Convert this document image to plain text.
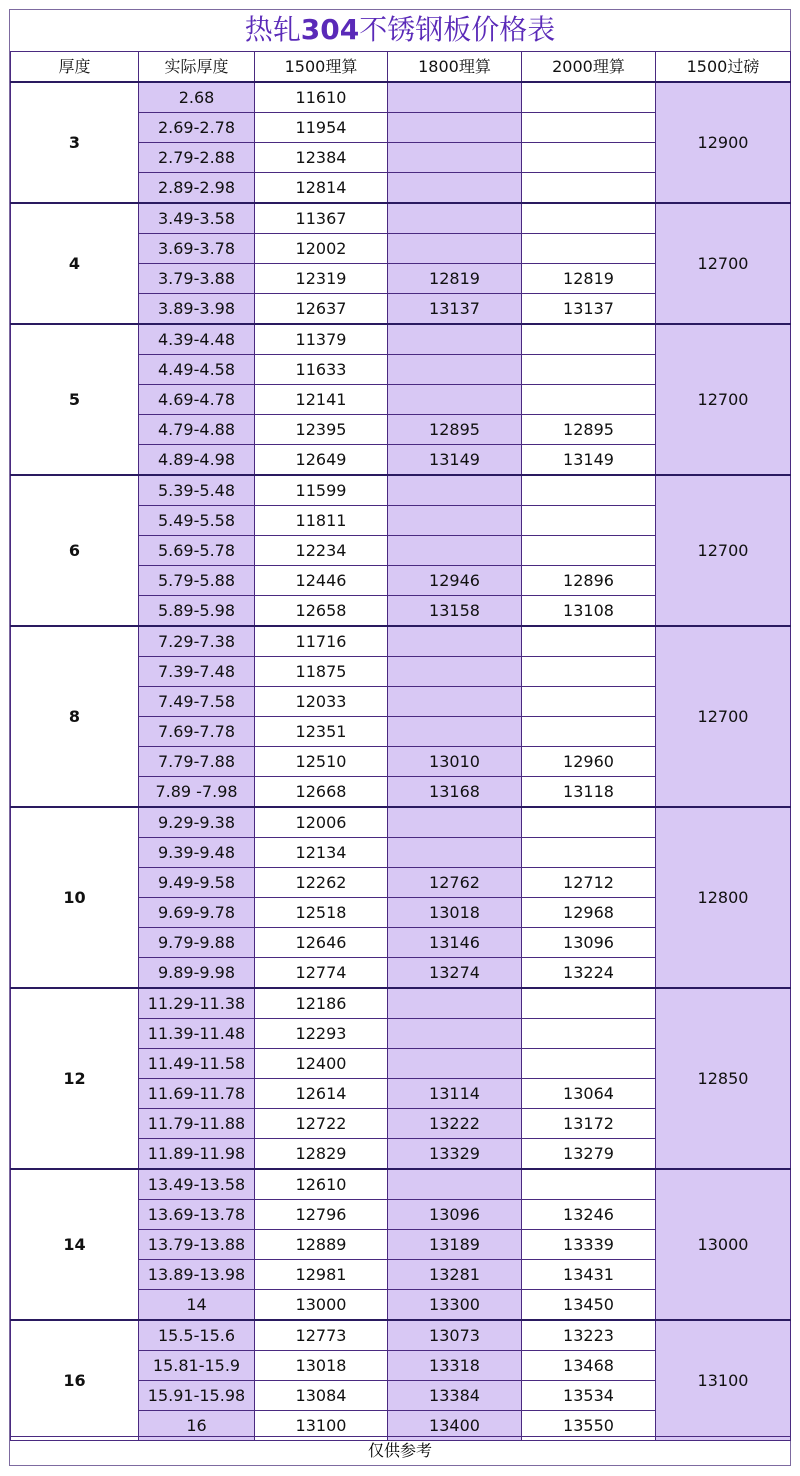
热轧304不锈钢板价格表
厚度	实际厚度	1500理算	1800理算	2000理算	1500过磅
3	2.68	11610			12900
	2.69-2.78	11954			
	2.79-2.88	12384			
	2.89-2.98	12814			
4	3.49-3.58	11367			12700
	3.69-3.78	12002			
	3.79-3.88	12319	12819	12819	
	3.89-3.98	12637	13137	13137	
5	4.39-4.48	11379			12700
	4.49-4.58	11633			
	4.69-4.78	12141			
	4.79-4.88	12395	12895	12895	
	4.89-4.98	12649	13149	13149	
6	5.39-5.48	11599			12700
	5.49-5.58	11811			
	5.69-5.78	12234			
	5.79-5.88	12446	12946	12896	
	5.89-5.98	12658	13158	13108	
8	7.29-7.38	11716			12700
	7.39-7.48	11875			
	7.49-7.58	12033			
	7.69-7.78	12351			
	7.79-7.88	12510	13010	12960	
	7.89 -7.98	12668	13168	13118	
10	9.29-9.38	12006			12800
	9.39-9.48	12134			
	9.49-9.58	12262	12762	12712	
	9.69-9.78	12518	13018	12968	
	9.79-9.88	12646	13146	13096	
	9.89-9.98	12774	13274	13224	
12	11.29-11.38	12186			12850
	11.39-11.48	12293			
	11.49-11.58	12400			
	11.69-11.78	12614	13114	13064	
	11.79-11.88	12722	13222	13172	
	11.89-11.98	12829	13329	13279	
14	13.49-13.58	12610			13000
	13.69-13.78	12796	13096	13246	
	13.79-13.88	12889	13189	13339	
	13.89-13.98	12981	13281	13431	
	14	13000	13300	13450	
16	15.5-15.6	12773	13073	13223	13100
	15.81-15.9	13018	13318	13468	
	15.91-15.98	13084	13384	13534	
	16	13100	13400	13550	
仅供参考
